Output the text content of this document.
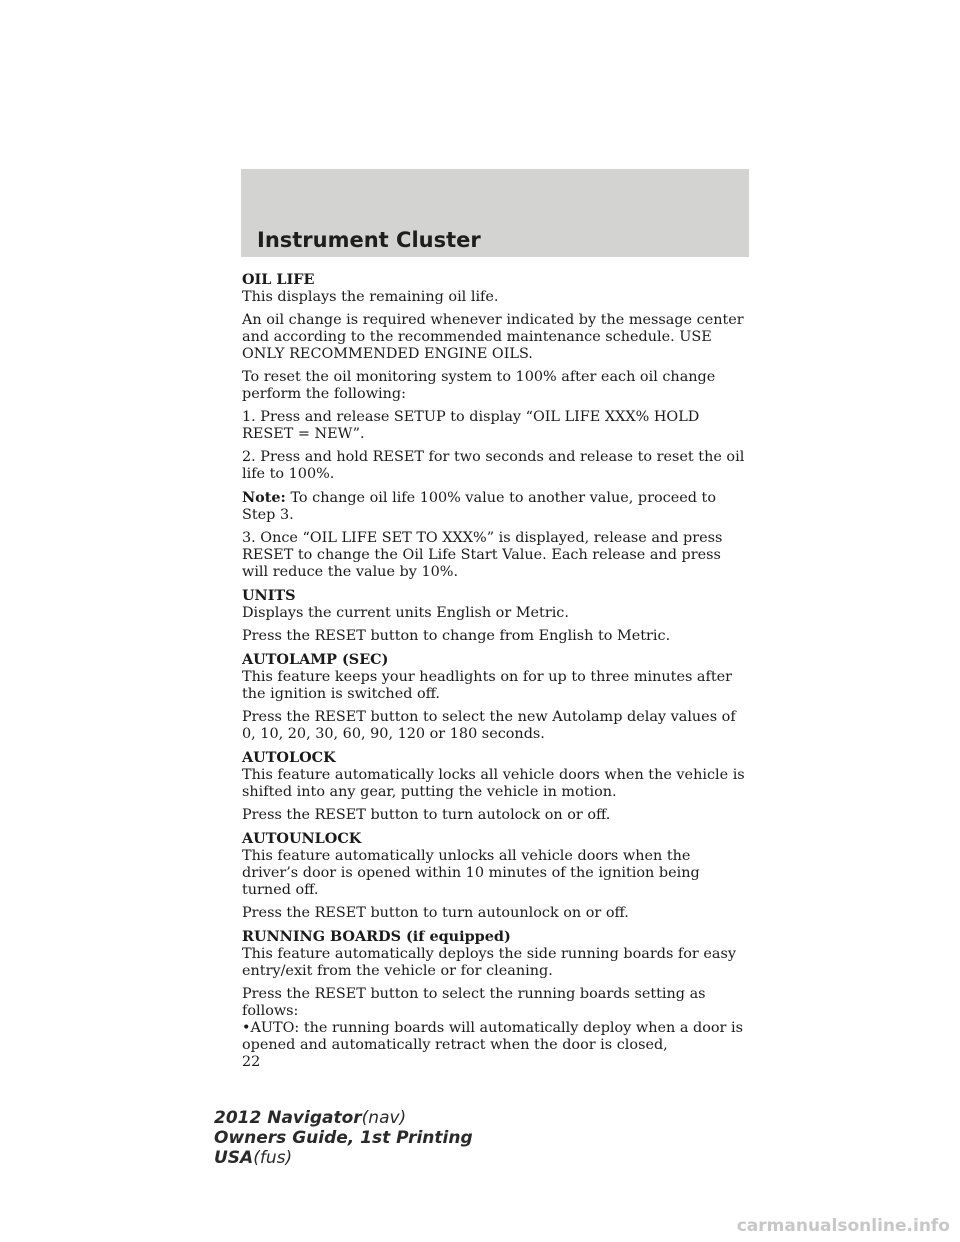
Instrument Cluster

OIL LIFE

This displays the remaining oil life.

An oil change is required whenever indicated by the message center and according to the recommended maintenance schedule. USE ONLY RECOMMENDED ENGINE OILS.

To reset the oil monitoring system to 100% after each oil change perform the following:

1. Press and release SETUP to display “OIL LIFE XXX% HOLD RESET = NEW”.

2. Press and hold RESET for two seconds and release to reset the oil life to 100%.

Note: To change oil life 100% value to another value, proceed to Step 3.

3. Once “OIL LIFE SET TO XXX%” is displayed, release and press RESET to change the Oil Life Start Value. Each release and press will reduce the value by 10%.

UNITS

Displays the current units English or Metric.

Press the RESET button to change from English to Metric.

AUTOLAMP (SEC)

This feature keeps your headlights on for up to three minutes after the ignition is switched off.

Press the RESET button to select the new Autolamp delay values of 0, 10, 20, 30, 60, 90, 120 or 180 seconds.

AUTOLOCK

This feature automatically locks all vehicle doors when the vehicle is shifted into any gear, putting the vehicle in motion.

Press the RESET button to turn autolock on or off.

AUTOUNLOCK

This feature automatically unlocks all vehicle doors when the driver’s door is opened within 10 minutes of the ignition being turned off.

Press the RESET button to turn autounlock on or off.

RUNNING BOARDS (if equipped)

This feature automatically deploys the side running boards for easy entry/exit from the vehicle or for cleaning.

Press the RESET button to select the running boards setting as follows:

•AUTO: the running boards will automatically deploy when a door is opened and automatically retract when the door is closed,

22

2012 Navigator(nav)
Owners Guide, 1st Printing
USA(fus)
carmanualsonline.info
